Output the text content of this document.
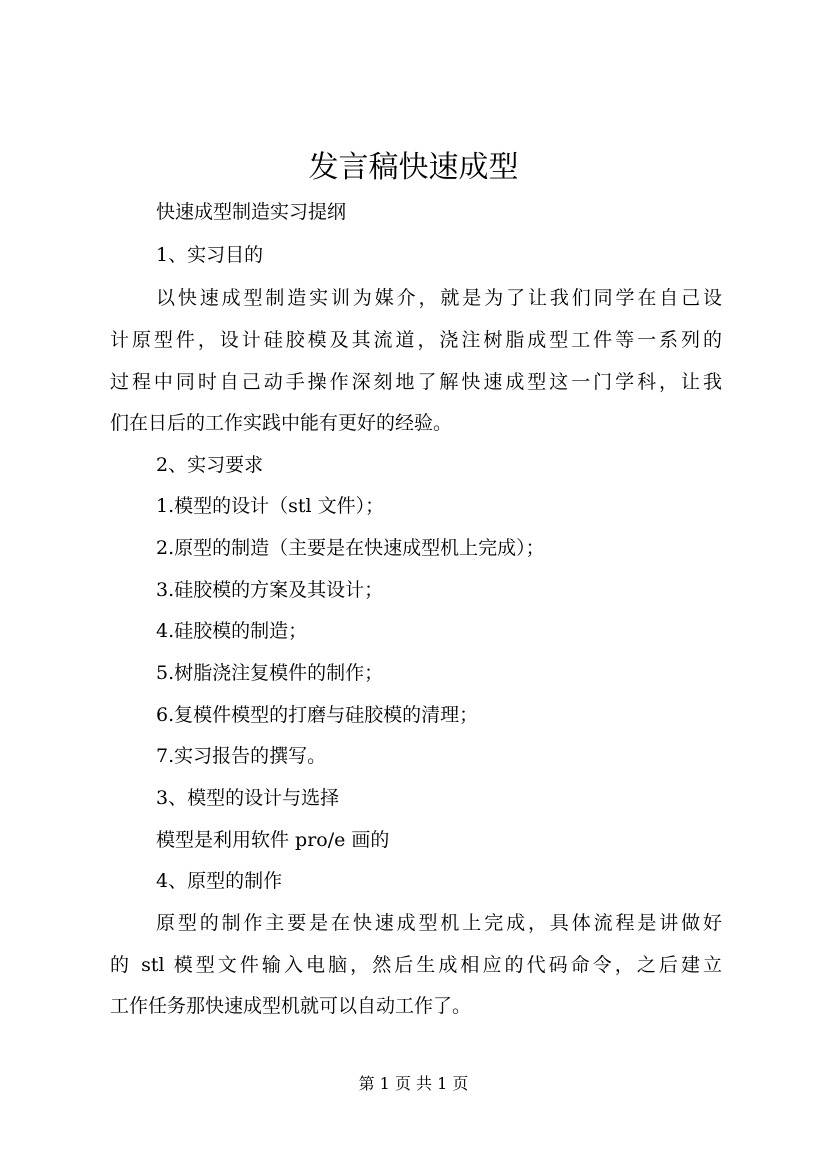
发言稿快速成型

快速成型制造实习提纲

1、实习目的

以快速成型制造实训为媒介，就是为了让我们同学在自己设

计原型件，设计硅胶模及其流道，浇注树脂成型工件等一系列的

过程中同时自己动手操作深刻地了解快速成型这一门学科，让我

们在日后的工作实践中能有更好的经验。

2、实习要求

1.模型的设计（stl 文件）；

2.原型的制造（主要是在快速成型机上完成）；

3.硅胶模的方案及其设计；

4.硅胶模的制造；

5.树脂浇注复模件的制作；

6.复模件模型的打磨与硅胶模的清理；

7.实习报告的撰写。

3、模型的设计与选择

模型是利用软件 pro/e 画的

4、原型的制作

原型的制作主要是在快速成型机上完成，具体流程是讲做好

的 stl 模型文件输入电脑，然后生成相应的代码命令，之后建立

工作任务那快速成型机就可以自动工作了。

第 1 页 共 1 页
